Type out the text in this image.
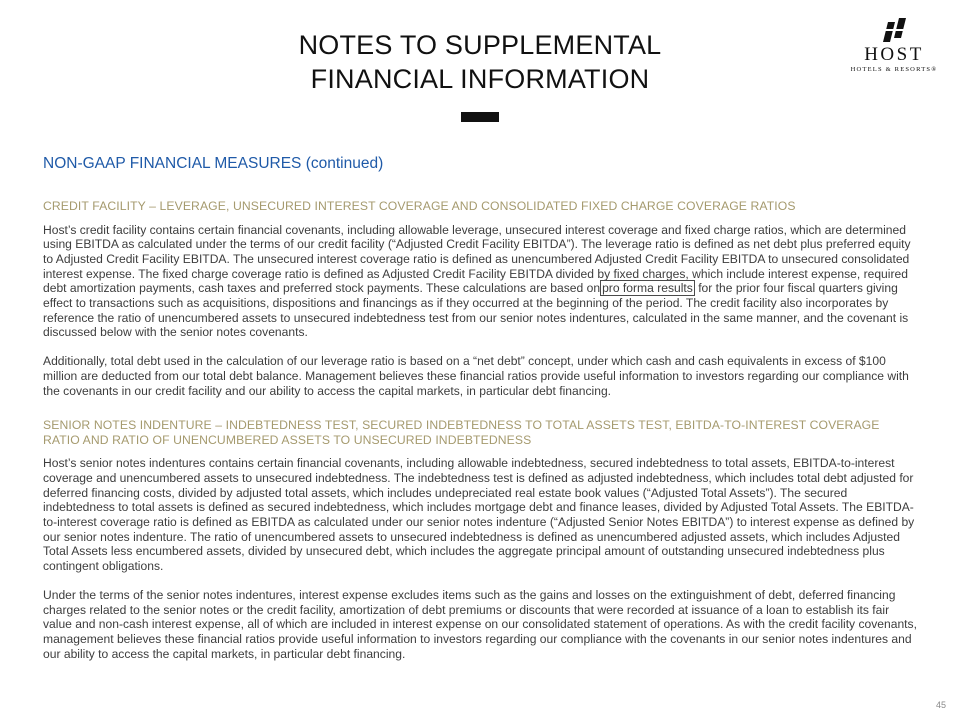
NOTES TO SUPPLEMENTAL
FINANCIAL INFORMATION
HOST
HOTELS & RESORTS®
NON-GAAP FINANCIAL MEASURES (continued)
CREDIT FACILITY – LEVERAGE, UNSECURED INTEREST COVERAGE AND CONSOLIDATED FIXED CHARGE COVERAGE RATIOS

Host’s credit facility contains certain financial covenants, including allowable leverage, unsecured interest coverage and fixed charge ratios, which are determined using EBITDA as calculated under the terms of our credit facility (“Adjusted Credit Facility EBITDA”). The leverage ratio is defined as net debt plus preferred equity to Adjusted Credit Facility EBITDA. The unsecured interest coverage ratio is defined as unencumbered Adjusted Credit Facility EBITDA to unsecured consolidated interest expense. The fixed charge coverage ratio is defined as Adjusted Credit Facility EBITDA divided by fixed charges, which include interest expense, required debt amortization payments, cash taxes and preferred stock payments. These calculations are based on pro forma results for the prior four fiscal quarters giving effect to transactions such as acquisitions, dispositions and financings as if they occurred at the beginning of the period. The credit facility also incorporates by reference the ratio of unencumbered assets to unsecured indebtedness test from our senior notes indentures, calculated in the same manner, and the covenant is discussed below with the senior notes covenants.

Additionally, total debt used in the calculation of our leverage ratio is based on a “net debt” concept, under which cash and cash equivalents in excess of $100 million are deducted from our total debt balance. Management believes these financial ratios provide useful information to investors regarding our compliance with the covenants in our credit facility and our ability to access the capital markets, in particular debt financing.

SENIOR NOTES INDENTURE – INDEBTEDNESS TEST, SECURED INDEBTEDNESS TO TOTAL ASSETS TEST, EBITDA-TO-INTEREST COVERAGE RATIO AND RATIO OF UNENCUMBERED ASSETS TO UNSECURED INDEBTEDNESS

Host’s senior notes indentures contains certain financial covenants, including allowable indebtedness, secured indebtedness to total assets, EBITDA-to-interest coverage and unencumbered assets to unsecured indebtedness. The indebtedness test is defined as adjusted indebtedness, which includes total debt adjusted for deferred financing costs, divided by adjusted total assets, which includes undepreciated real estate book values (“Adjusted Total Assets”). The secured indebtedness to total assets is defined as secured indebtedness, which includes mortgage debt and finance leases, divided by Adjusted Total Assets. The EBITDA-to-interest coverage ratio is defined as EBITDA as calculated under our senior notes indenture (“Adjusted Senior Notes EBITDA”) to interest expense as defined by our senior notes indenture. The ratio of unencumbered assets to unsecured indebtedness is defined as unencumbered adjusted assets, which includes Adjusted Total Assets less encumbered assets, divided by unsecured debt, which includes the aggregate principal amount of outstanding unsecured indebtedness plus contingent obligations.

Under the terms of the senior notes indentures, interest expense excludes items such as the gains and losses on the extinguishment of debt, deferred financing charges related to the senior notes or the credit facility, amortization of debt premiums or discounts that were recorded at issuance of a loan to establish its fair value and non-cash interest expense, all of which are included in interest expense on our consolidated statement of operations. As with the credit facility covenants, management believes these financial ratios provide useful information to investors regarding our compliance with the covenants in our senior notes indentures and our ability to access the capital markets, in particular debt financing.

45
